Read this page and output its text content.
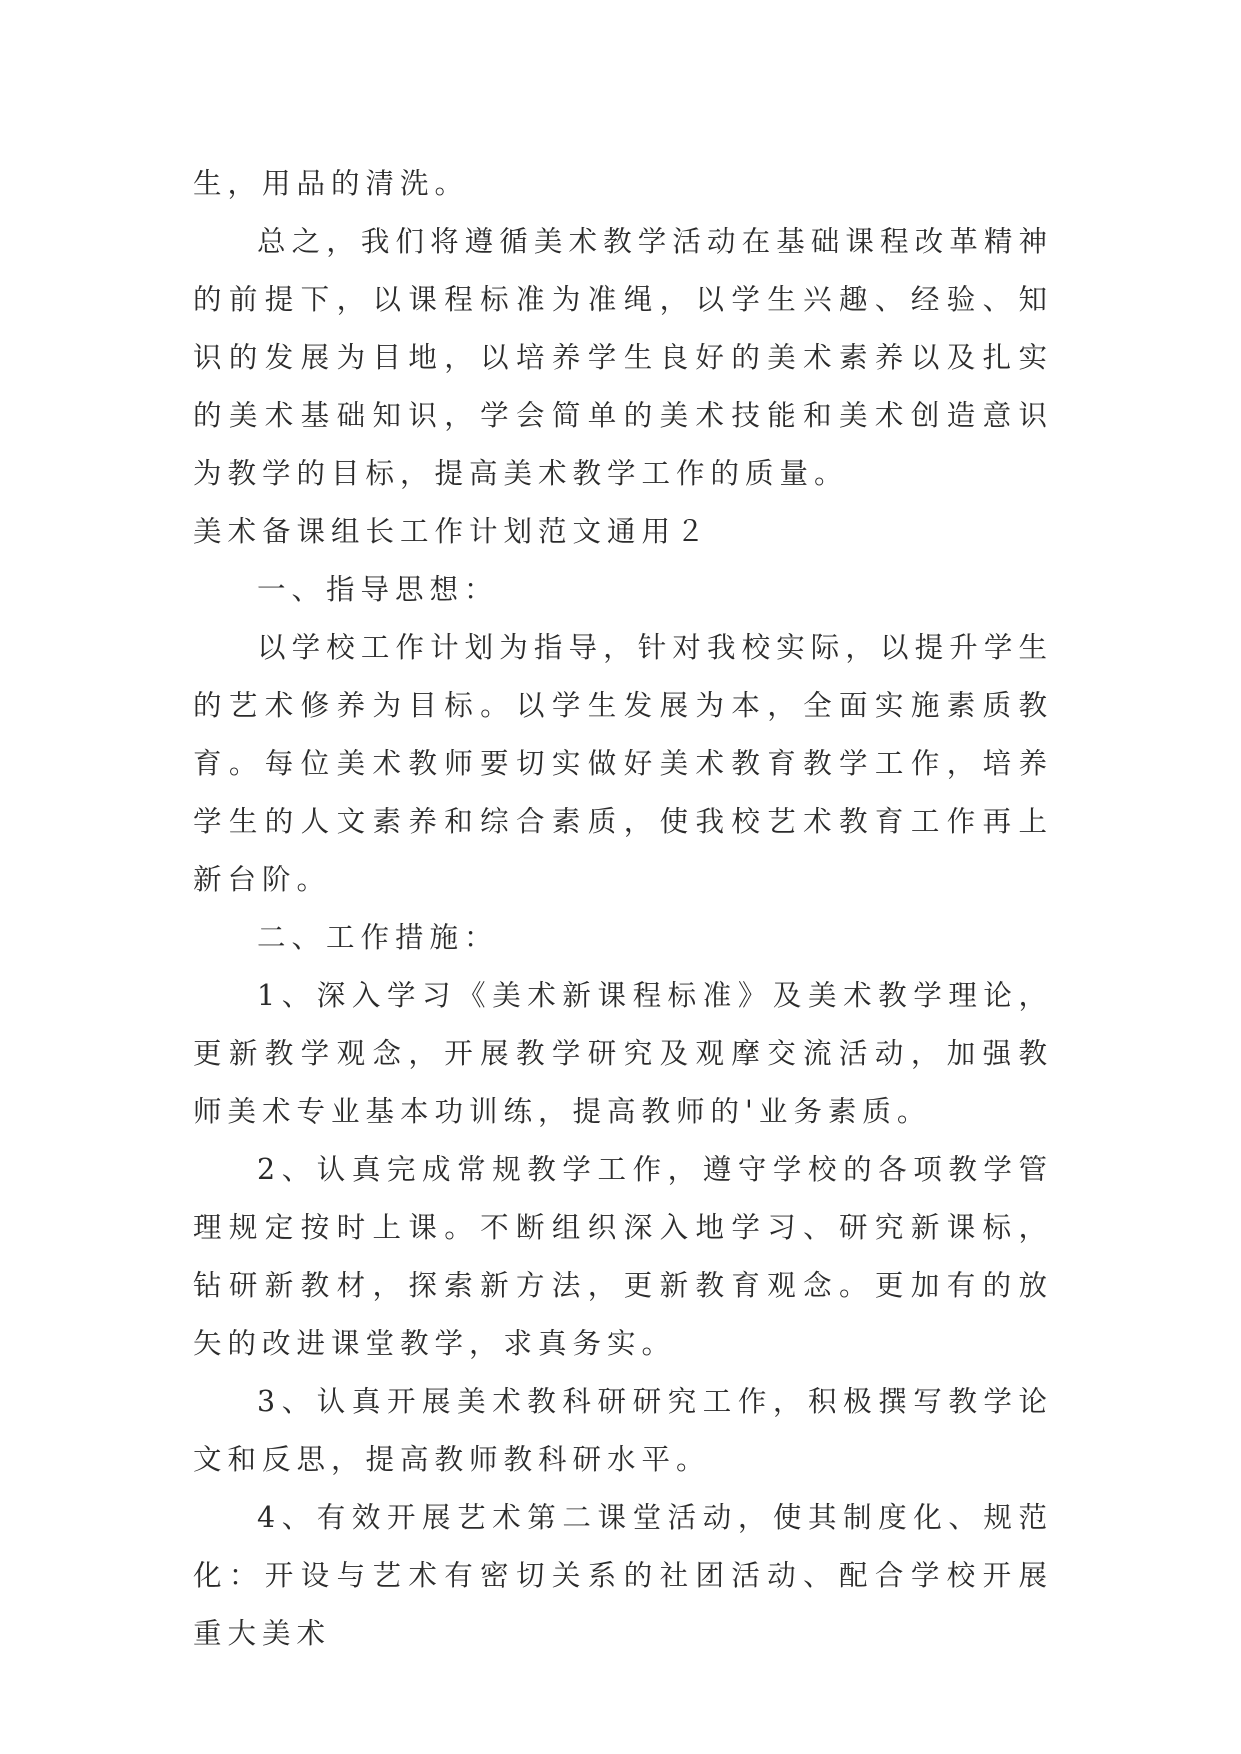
生，用品的清洗。

总之，我们将遵循美术教学活动在基础课程改革精神的前提下，以课程标准为准绳，以学生兴趣、经验、知识的发展为目地，以培养学生良好的美术素养以及扎实的美术基础知识，学会简单的美术技能和美术创造意识为教学的目标，提高美术教学工作的质量。

美术备课组长工作计划范文通用２

一、指导思想：

以学校工作计划为指导，针对我校实际，以提升学生的艺术修养为目标。以学生发展为本，全面实施素质教育。每位美术教师要切实做好美术教育教学工作，培养学生的人文素养和综合素质，使我校艺术教育工作再上新台阶。

二、工作措施：

1、深入学习《美术新课程标准》及美术教学理论，更新教学观念，开展教学研究及观摩交流活动，加强教师美术专业基本功训练，提高教师的'业务素质。

2、认真完成常规教学工作，遵守学校的各项教学管理规定按时上课。不断组织深入地学习、研究新课标，钻研新教材，探索新方法，更新教育观念。更加有的放矢的改进课堂教学，求真务实。

3、认真开展美术教科研研究工作，积极撰写教学论文和反思，提高教师教科研水平。

4、有效开展艺术第二课堂活动，使其制度化、规范化：开设与艺术有密切关系的社团活动、配合学校开展重大美术
